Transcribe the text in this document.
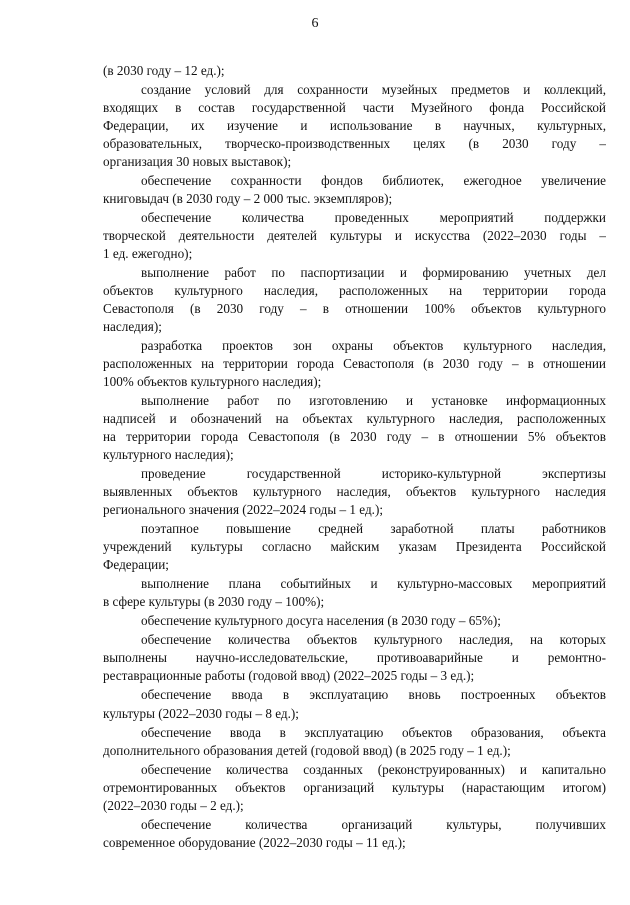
6
(в 2030 году – 12 ед.);
создание условий для сохранности музейных предметов и коллекций,
входящих в состав государственной части Музейного фонда Российской
Федерации, их изучение и использование в научных, культурных,
образовательных, творческо-производственных целях (в 2030 году –
организация 30 новых выставок);
обеспечение сохранности фондов библиотек, ежегодное увеличение
книговыдач (в 2030 году – 2 000 тыс. экземпляров);
обеспечение количества проведенных мероприятий поддержки
творческой деятельности деятелей культуры и искусства (2022–2030 годы –
1 ед. ежегодно);
выполнение работ по паспортизации и формированию учетных дел
объектов культурного наследия, расположенных на территории города
Севастополя (в 2030 году – в отношении 100% объектов культурного
наследия);
разработка проектов зон охраны объектов культурного наследия,
расположенных на территории города Севастополя (в 2030 году – в отношении
100% объектов культурного наследия);
выполнение работ по изготовлению и установке информационных
надписей и обозначений на объектах культурного наследия, расположенных
на территории города Севастополя (в 2030 году – в отношении 5% объектов
культурного наследия);
проведение государственной историко-культурной экспертизы
выявленных объектов культурного наследия, объектов культурного наследия
регионального значения (2022–2024 годы – 1 ед.);
поэтапное повышение средней заработной платы работников
учреждений культуры согласно майским указам Президента Российской
Федерации;
выполнение плана событийных и культурно-массовых мероприятий
в сфере культуры (в 2030 году – 100%);
обеспечение культурного досуга населения (в 2030 году – 65%);
обеспечение количества объектов культурного наследия, на которых
выполнены научно-исследовательские, противоаварийные и ремонтно-
реставрационные работы (годовой ввод) (2022–2025 годы – 3 ед.);
обеспечение ввода в эксплуатацию вновь построенных объектов
культуры (2022–2030 годы – 8 ед.);
обеспечение ввода в эксплуатацию объектов образования, объекта
дополнительного образования детей (годовой ввод) (в 2025 году – 1 ед.);
обеспечение количества созданных (реконструированных) и капитально
отремонтированных объектов организаций культуры (нарастающим итогом)
(2022–2030 годы – 2 ед.);
обеспечение количества организаций культуры, получивших
современное оборудование (2022–2030 годы – 11 ед.);
